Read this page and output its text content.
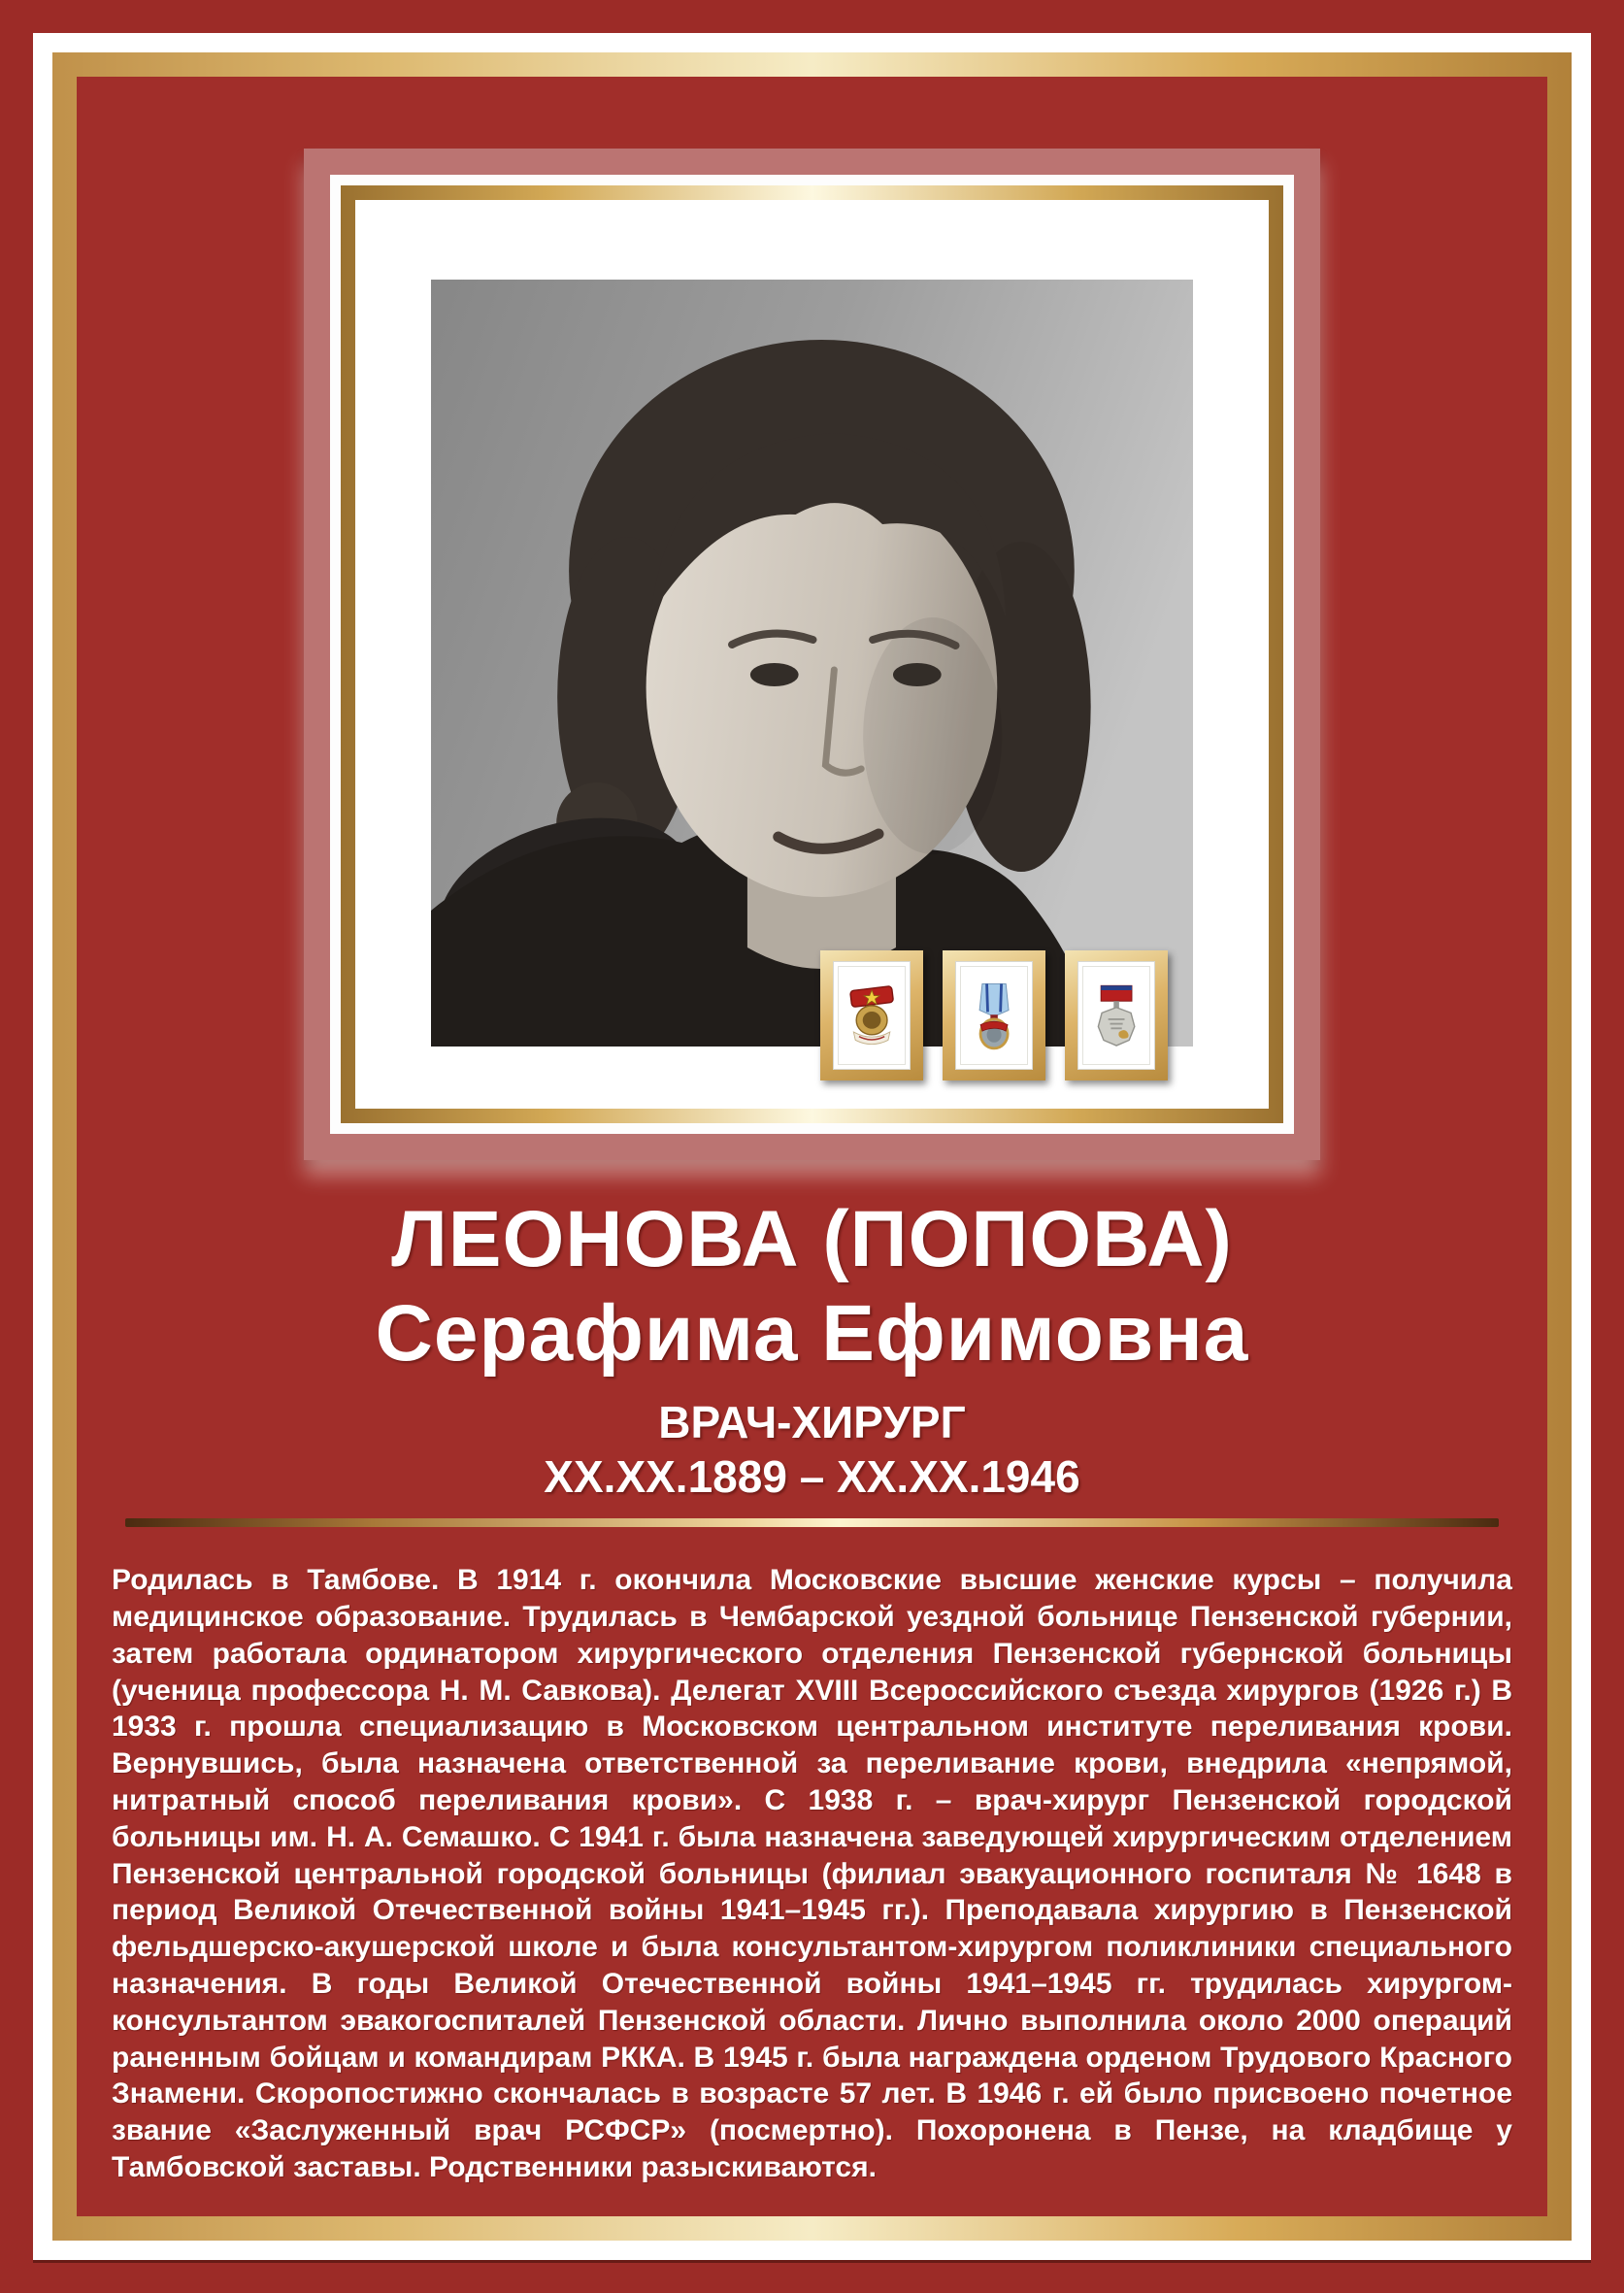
ЛЕОНОВА (ПОПОВА)
Серафима Ефимовна
ВРАЧ-ХИРУРГ
ХХ.ХХ.1889 – ХХ.ХХ.1946

Родилась в Тамбове. В 1914 г. окончила Московские высшие женские курсы – получила медицинское образование. Трудилась в Чембарской уездной больнице Пензенской губернии, затем работала ординатором хирургического отделения Пензенской губернской больницы (ученица профессора Н. М. Савкова). Делегат XVIII Всероссийского съезда хирургов (1926 г.) В 1933 г. прошла специализацию в Московском центральном институте переливания крови. Вернувшись, была назначена ответственной за переливание крови, внедрила «непрямой, нитратный способ переливания крови». С 1938 г. – врач-хирург Пензенской городской больницы им. Н. А. Семашко. С 1941 г. была назначена заведующей хирургическим отделением Пензенской центральной городской больницы (филиал эвакуационного госпиталя № 1648 в период Великой Отечественной войны 1941–1945 гг.). Преподавала хирургию в Пензенской фельдшерско-акушерской школе и была консультантом-хирургом поликлиники специального назначения. В годы Великой Отечественной войны 1941–1945 гг. трудилась хирургом-консультантом эвакогоспиталей Пензенской области. Лично выполнила около 2000 операций раненным бойцам и командирам РККА. В 1945 г. была награждена орденом Трудового Красного Знамени. Скоропостижно скончалась в возрасте 57 лет. В 1946 г. ей было присвоено почетное звание «Заслуженный врач РСФСР» (посмертно). Похоронена в Пензе, на кладбище у Тамбовской заставы. Родственники разыскиваются.
